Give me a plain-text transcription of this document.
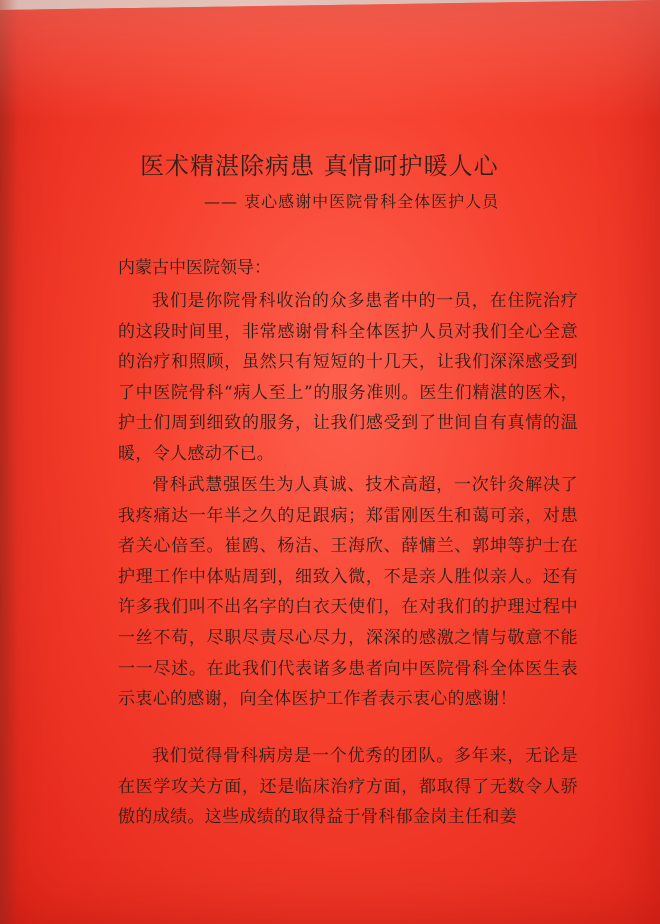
医术精湛除病患 真情呵护暖人心
—— 衷心感谢中医院骨科全体医护人员
内蒙古中医院领导：

我们是你院骨科收治的众多患者中的一员，在住院治疗的这段时间里，非常感谢骨科全体医护人员对我们全心全意的治疗和照顾，虽然只有短短的十几天，让我们深深感受到了中医院骨科“病人至上”的服务准则。医生们精湛的医术，护士们周到细致的服务，让我们感受到了世间自有真情的温暖，令人感动不已。

骨科武慧强医生为人真诚、技术高超，一次针灸解决了我疼痛达一年半之久的足跟病；郑雷刚医生和蔼可亲，对患者关心倍至。崔鸥、杨洁、王海欣、薛慵兰、郭坤等护士在护理工作中体贴周到，细致入微，不是亲人胜似亲人。还有许多我们叫不出名字的白衣天使们，在对我们的护理过程中一丝不苟，尽职尽责尽心尽力，深深的感激之情与敬意不能一一尽述。在此我们代表诸多患者向中医院骨科全体医生表示衷心的感谢，向全体医护工作者表示衷心的感谢！

我们觉得骨科病房是一个优秀的团队。多年来，无论是在医学攻关方面，还是临床治疗方面，都取得了无数令人骄傲的成绩。这些成绩的取得益于骨科郁金岗主任和姜
